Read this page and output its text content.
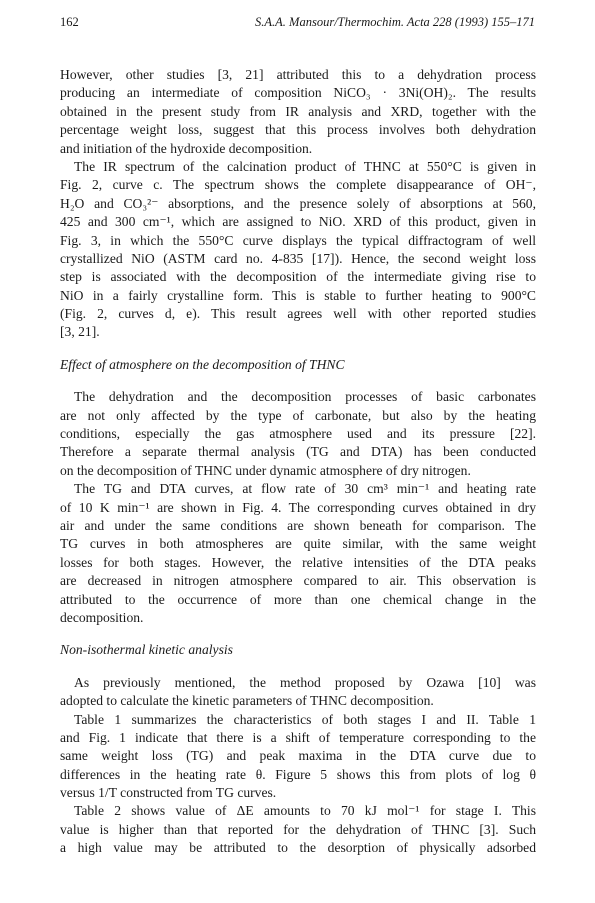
162	S.A.A. Mansour/Thermochim. Acta 228 (1993) 155–171
However, other studies [3, 21] attributed this to a dehydration process
producing an intermediate of composition NiCO₃ · 3Ni(OH)₂. The results
obtained in the present study from IR analysis and XRD, together with the
percentage weight loss, suggest that this process involves both dehydration
and initiation of the hydroxide decomposition.
The IR spectrum of the calcination product of THNC at 550°C is given in
Fig. 2, curve c. The spectrum shows the complete disappearance of OH⁻,
H₂O and CO₃²⁻ absorptions, and the presence solely of absorptions at 560,
425 and 300 cm⁻¹, which are assigned to NiO. XRD of this product, given in
Fig. 3, in which the 550°C curve displays the typical diffractogram of well
crystallized NiO (ASTM card no. 4-835 [17]). Hence, the second weight loss
step is associated with the decomposition of the intermediate giving rise to
NiO in a fairly crystalline form. This is stable to further heating to 900°C
(Fig. 2, curves d, e). This result agrees well with other reported studies
[3, 21].
Effect of atmosphere on the decomposition of THNC
The dehydration and the decomposition processes of basic carbonates
are not only affected by the type of carbonate, but also by the heating
conditions, especially the gas atmosphere used and its pressure [22].
Therefore a separate thermal analysis (TG and DTA) has been conducted
on the decomposition of THNC under dynamic atmosphere of dry nitrogen.
The TG and DTA curves, at flow rate of 30 cm³ min⁻¹ and heating rate
of 10 K min⁻¹ are shown in Fig. 4. The corresponding curves obtained in dry
air and under the same conditions are shown beneath for comparison. The
TG curves in both atmospheres are quite similar, with the same weight
losses for both stages. However, the relative intensities of the DTA peaks
are decreased in nitrogen atmosphere compared to air. This observation is
attributed to the occurrence of more than one chemical change in the
decomposition.
Non-isothermal kinetic analysis
As previously mentioned, the method proposed by Ozawa [10] was
adopted to calculate the kinetic parameters of THNC decomposition.
Table 1 summarizes the characteristics of both stages I and II. Table 1
and Fig. 1 indicate that there is a shift of temperature corresponding to the
same weight loss (TG) and peak maxima in the DTA curve due to
differences in the heating rate θ. Figure 5 shows this from plots of log θ
versus 1/T constructed from TG curves.
Table 2 shows value of ΔE amounts to 70 kJ mol⁻¹ for stage I. This
value is higher than that reported for the dehydration of THNC [3]. Such
a high value may be attributed to the desorption of physically adsorbed
